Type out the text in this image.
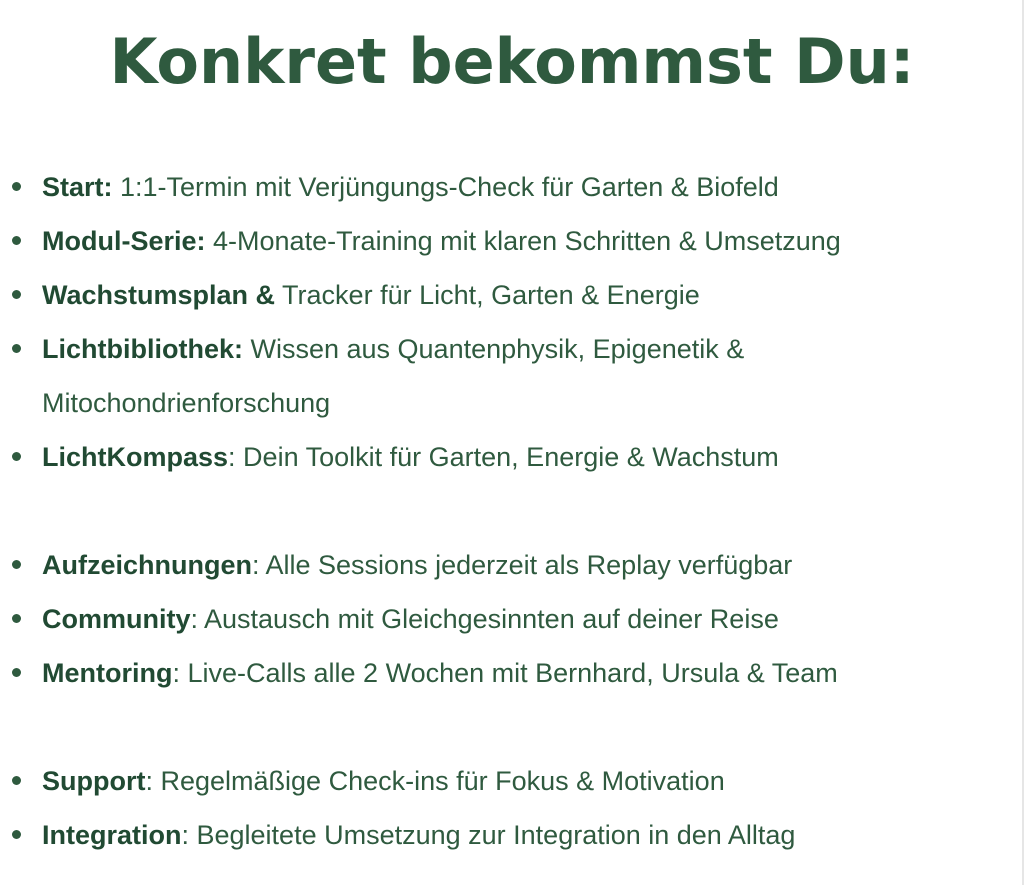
Konkret bekommst Du:
Start: 1:1-Termin mit Verjüngungs-Check für Garten & Biofeld
Modul-Serie: 4-Monate-Training mit klaren Schritten & Umsetzung
Wachstumsplan & Tracker für Licht, Garten & Energie
Lichtbibliothek: Wissen aus Quantenphysik, Epigenetik &
Mitochondrienforschung
LichtKompass: Dein Toolkit für Garten, Energie & Wachstum
Aufzeichnungen: Alle Sessions jederzeit als Replay verfügbar
Community: Austausch mit Gleichgesinnten auf deiner Reise
Mentoring: Live-Calls alle 2 Wochen mit Bernhard, Ursula & Team
Support: Regelmäßige Check-ins für Fokus & Motivation
Integration: Begleitete Umsetzung zur Integration in den Alltag
